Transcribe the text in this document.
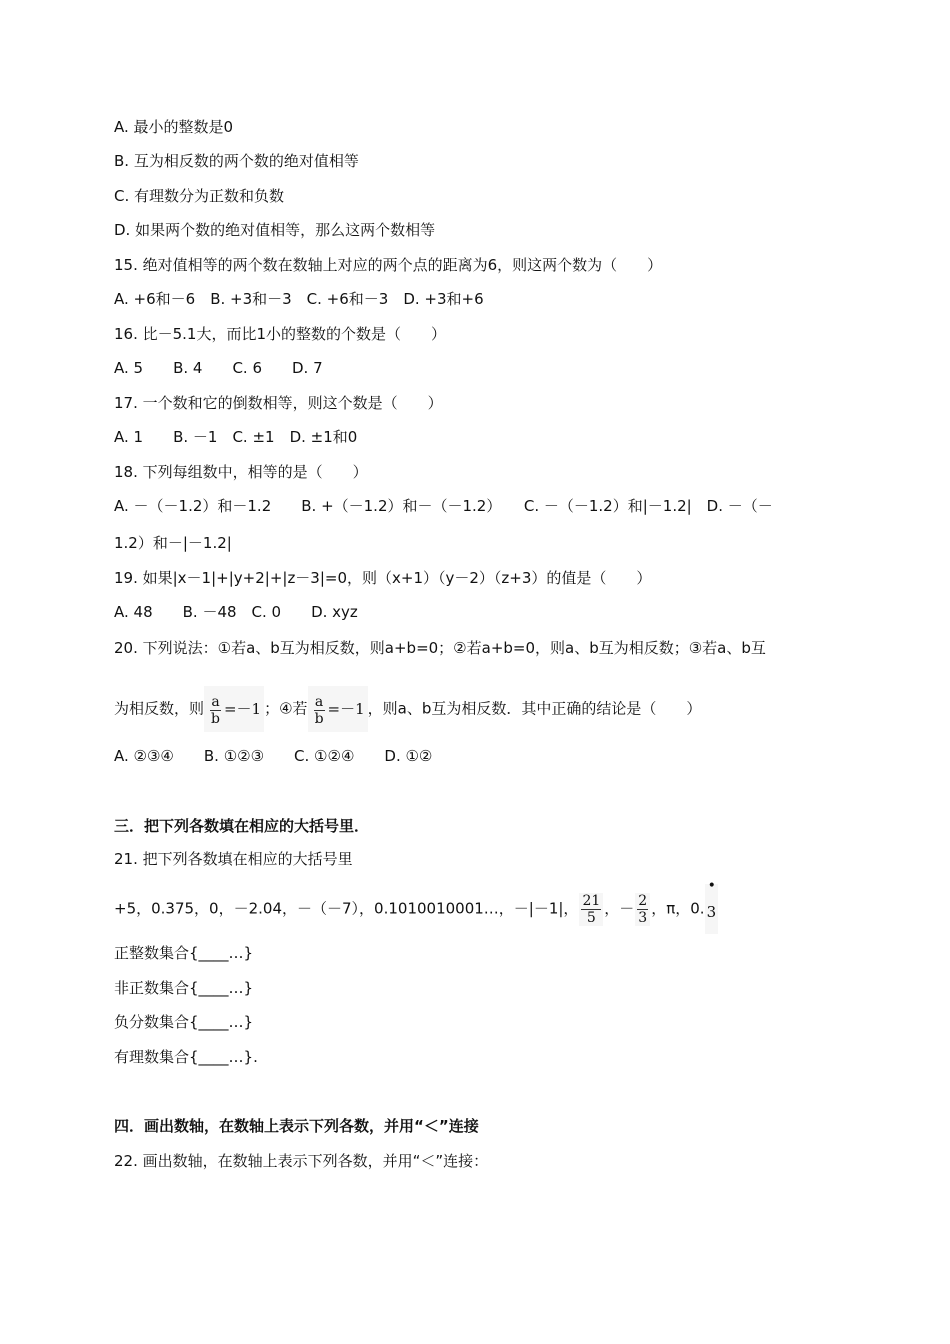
A. 最小的整数是0
B. 互为相反数的两个数的绝对值相等
C. 有理数分为正数和负数
D. 如果两个数的绝对值相等，那么这两个数相等
15. 绝对值相等的两个数在数轴上对应的两个点的距离为6，则这两个数为（　　）
A. +6和－6　B. +3和－3　C. +6和－3　D. +3和+6
16. 比－5.1大，而比1小的整数的个数是（　　）
A. 5　　B. 4　　C. 6　　D. 7
17. 一个数和它的倒数相等，则这个数是（　　）
A. 1　　B. －1　C. ±1　D. ±1和0
18. 下列每组数中，相等的是（　　）
A. －（－1.2）和－1.2　　B. +（－1.2）和－（－1.2）　　C. －（－1.2）和|－1.2|　D. －（－
1.2）和－|－1.2|
19. 如果|x－1|+|y+2|+|z－3|=0，则（x+1）（y－2）（z+3）的值是（　　）
A. 48　　B. －48　C. 0　　D. xyz
20. 下列说法：①若a、b互为相反数，则a+b=0；②若a+b=0，则a、b互为相反数；③若a、b互
为相反数，则 $\frac{a}{b} =-1$ ；④若 $\frac{a}{b} =-1$ ，则a、b互为相反数．其中正确的结论是（　　）
A. ②③④　　B. ①②③　　C. ①②④　　D. ①②
三．把下列各数填在相应的大括号里．
21. 把下列各数填在相应的大括号里
+5，0.375，0，－2.04，－（－7），0.1010010001…，－|－1|， $\frac{21}{5}$ ，－ $\frac{2}{3}$ ，π，0.
•
3
正整数集合{____…}
非正数集合{____…}
负分数集合{____…}
有理数集合{____…}.
四．画出数轴，在数轴上表示下列各数，并用“＜”连接
22. 画出数轴，在数轴上表示下列各数，并用“＜”连接：
